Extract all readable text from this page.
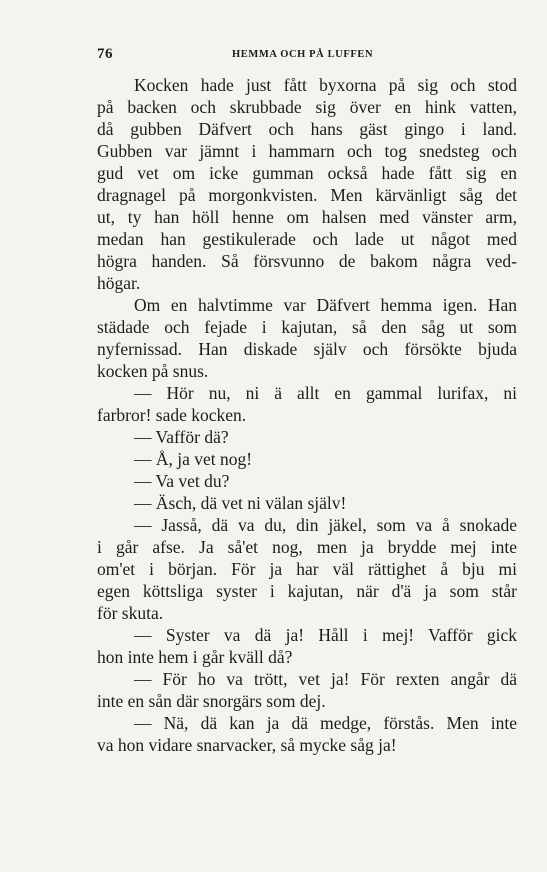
76	HEMMA OCH PÅ LUFFEN
Kocken hade just fått byxorna på sig och stod
på backen och skrubbade sig över en hink vatten,
då gubben Däfvert och hans gäst gingo i land.
Gubben var jämnt i hammarn och tog snedsteg och
gud vet om icke gumman också hade fått sig en
dragnagel på morgonkvisten. Men kärvänligt såg det
ut, ty han höll henne om halsen med vänster arm,
medan han gestikulerade och lade ut något med
högra handen. Så försvunno de bakom några ved-
högar.
Om en halvtimme var Däfvert hemma igen. Han
städade och fejade i kajutan, så den såg ut som
nyfernissad. Han diskade själv och försökte bjuda
kocken på snus.
— Hör nu, ni ä allt en gammal lurifax, ni
farbror! sade kocken.
— Vafför dä?
— Å, ja vet nog!
— Va vet du?
— Äsch, dä vet ni välan själv!
— Jasså, dä va du, din jäkel, som va å snokade
i går afse. Ja så'et nog, men ja brydde mej inte
om'et i början. För ja har väl rättighet å bju mi
egen köttsliga syster i kajutan, när d'ä ja som står
för skuta.
— Syster va dä ja! Håll i mej! Vafför gick
hon inte hem i går kväll då?
— För ho va trött, vet ja! För rexten angår dä
inte en sån där snorgärs som dej.
— Nä, dä kan ja dä medge, förstås. Men inte
va hon vidare snarvacker, så mycke såg ja!
